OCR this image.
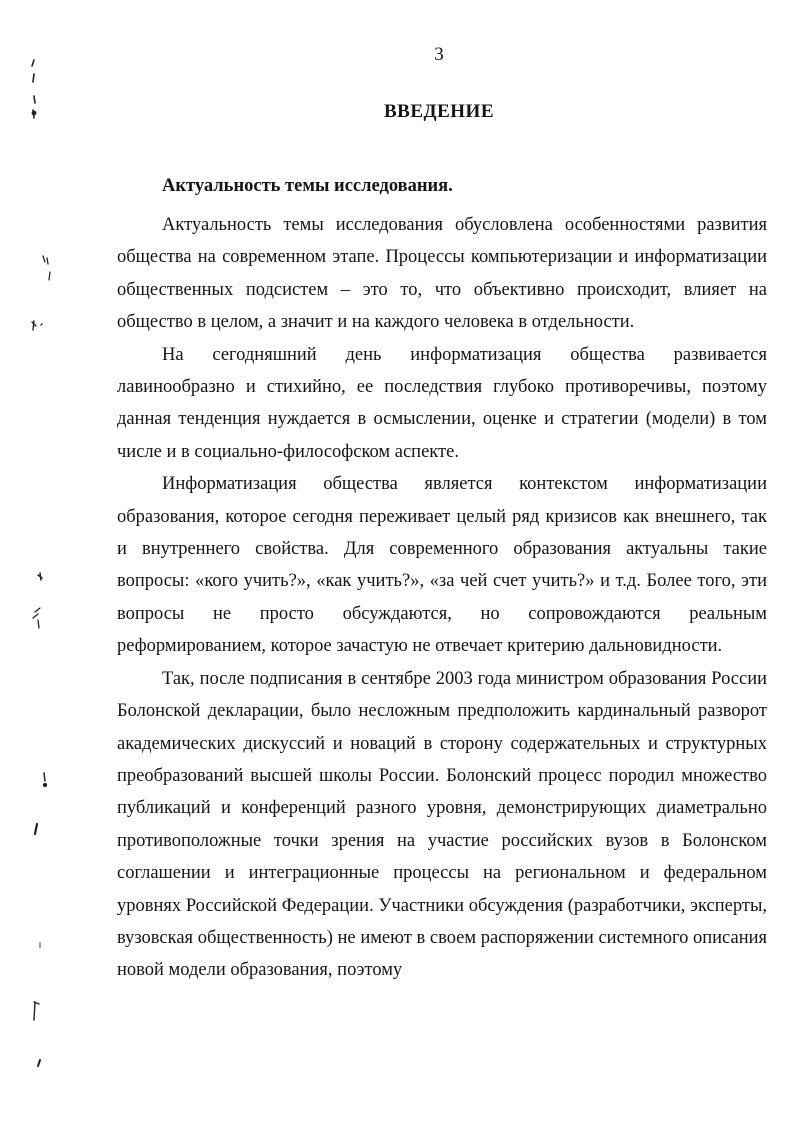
3
ВВЕДЕНИЕ
Актуальность темы исследования.

Актуальность темы исследования обусловлена особенностями развития общества на современном этапе. Процессы компьютеризации и информатизации общественных подсистем – это то, что объективно происходит, влияет на общество в целом, а значит и на каждого человека в отдельности.

На сегодняшний день информатизация общества развивается лавинообразно и стихийно, ее последствия глубоко противоречивы, поэтому данная тенденция нуждается в осмыслении, оценке и стратегии (модели) в том числе и в социально-философском аспекте.

Информатизация общества является контекстом информатизации образования, которое сегодня переживает целый ряд кризисов как внешнего, так и внутреннего свойства. Для современного образования актуальны такие вопросы: «кого учить?», «как учить?», «за чей счет учить?» и т.д. Более того, эти вопросы не просто обсуждаются, но сопровождаются реальным реформированием, которое зачастую не отвечает критерию дальновидности.

Так, после подписания в сентябре 2003 года министром образования России Болонской декларации, было несложным предположить кардинальный разворот академических дискуссий и новаций в сторону содержательных и структурных преобразований высшей школы России. Болонский процесс породил множество публикаций и конференций разного уровня, демонстрирующих диаметрально противоположные точки зрения на участие российских вузов в Болонском соглашении и интеграционные процессы на региональном и федеральном уровнях Российской Федерации. Участники обсуждения (разработчики, эксперты, вузовская общественность) не имеют в своем распоряжении системного описания новой модели образования, поэтому
